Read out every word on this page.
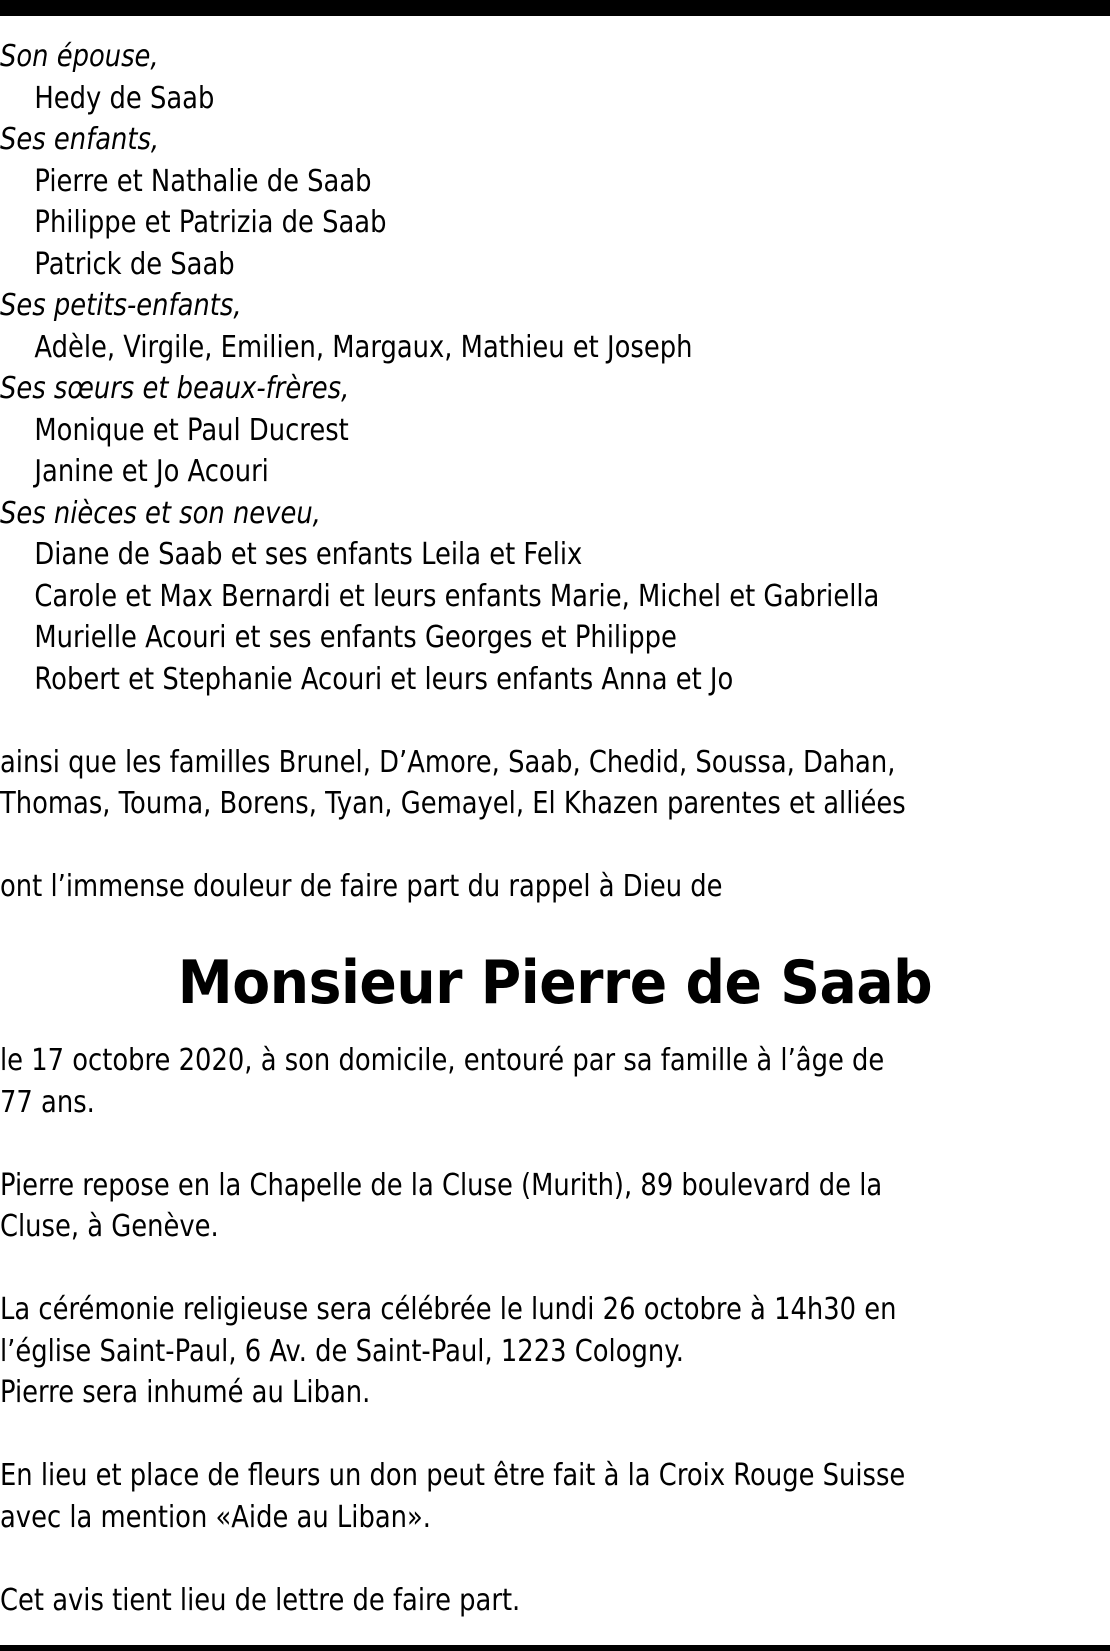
Son épouse,
Hedy de Saab
Ses enfants,
Pierre et Nathalie de Saab
Philippe et Patrizia de Saab
Patrick de Saab
Ses petits-enfants,
Adèle, Virgile, Emilien, Margaux, Mathieu et Joseph
Ses sœurs et beaux-frères,
Monique et Paul Ducrest
Janine et Jo Acouri
Ses nièces et son neveu,
Diane de Saab et ses enfants Leila et Felix
Carole et Max Bernardi et leurs enfants Marie, Michel et Gabriella
Murielle Acouri et ses enfants Georges et Philippe
Robert et Stephanie Acouri et leurs enfants Anna et Jo
ainsi que les familles Brunel, D’Amore, Saab, Chedid, Soussa, Dahan,
Thomas, Touma, Borens, Tyan, Gemayel, El Khazen parentes et alliées
ont l’immense douleur de faire part du rappel à Dieu de
Monsieur Pierre de Saab
le 17 octobre 2020, à son domicile, entouré par sa famille à l’âge de
77 ans.
Pierre repose en la Chapelle de la Cluse (Murith), 89 boulevard de la
Cluse, à Genève.
La cérémonie religieuse sera célébrée le lundi 26 octobre à 14h30 en
l’église Saint-Paul, 6 Av. de Saint-Paul, 1223 Cologny.
Pierre sera inhumé au Liban.
En lieu et place de fleurs un don peut être fait à la Croix Rouge Suisse
avec la mention «Aide au Liban».
Cet avis tient lieu de lettre de faire part.
